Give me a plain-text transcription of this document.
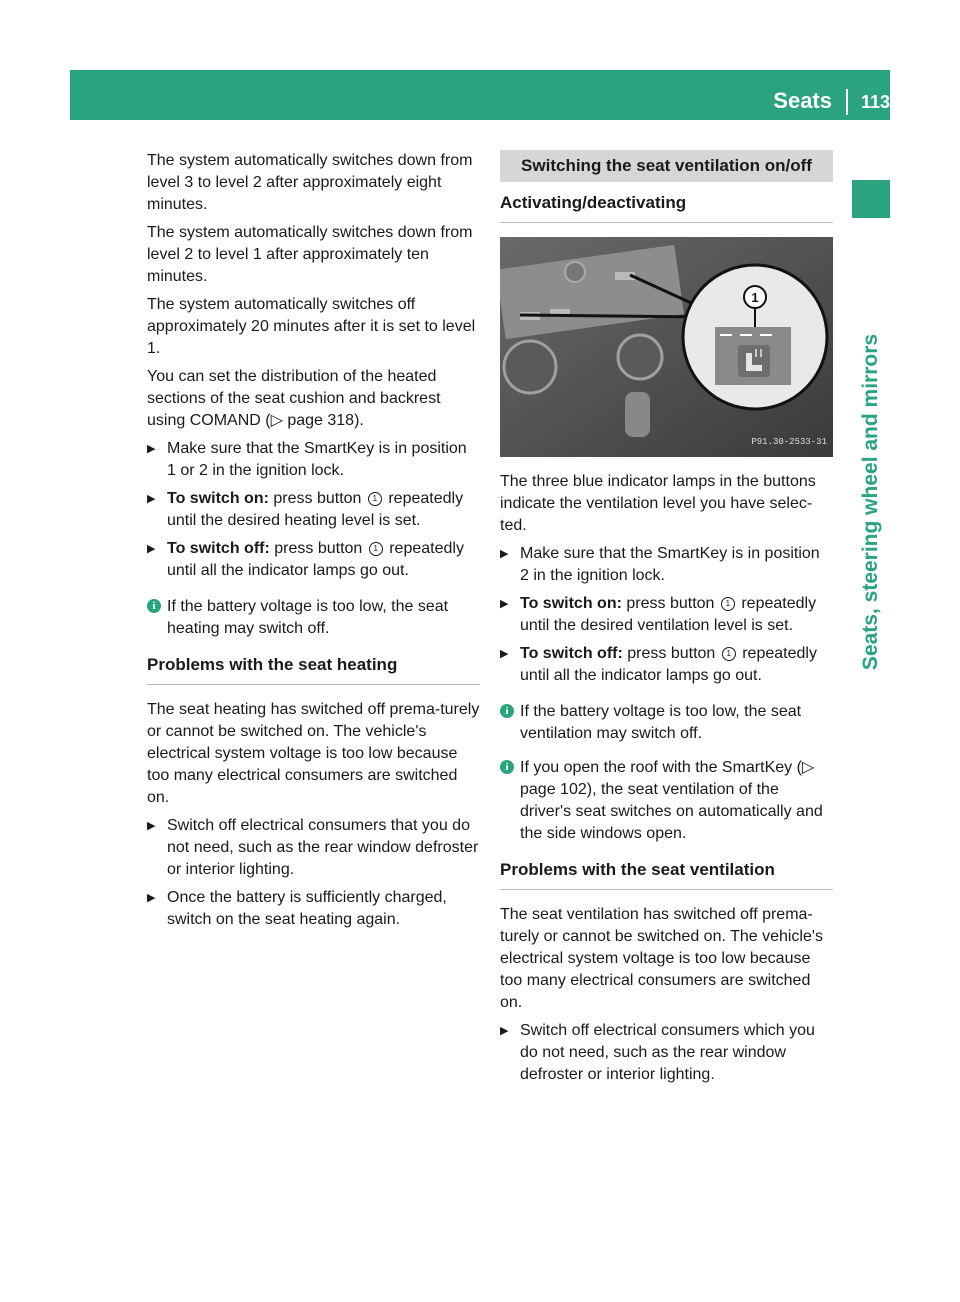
Seats 113
Seats, steering wheel and mirrors

The system automatically switches down from level 3 to level 2 after approximately eight minutes.

The system automatically switches down from level 2 to level 1 after approximately ten minutes.

The system automatically switches off approximately 20 minutes after it is set to level 1.

You can set the distribution of the heated sections of the seat cushion and backrest using COMAND (▷ page 318).

▶ Make sure that the SmartKey is in position 1 or 2 in the ignition lock.
▶ To switch on: press button 1 repeatedly until the desired heating level is set.
▶ To switch off: press button 1 repeatedly until all the indicator lamps go out.
i If the battery voltage is too low, the seat heating may switch off.
Problems with the seat heating

The seat heating has switched off prema-turely or cannot be switched on. The vehicle's electrical system voltage is too low because too many electrical consumers are switched on.

▶ Switch off electrical consumers that you do not need, such as the rear window defroster or interior lighting.
▶ Once the battery is sufficiently charged, switch on the seat heating again.
Switching the seat ventilation on/off
Activating/deactivating
1
P91.30-2533-31

The three blue indicator lamps in the buttons indicate the ventilation level you have selec-ted.

▶ Make sure that the SmartKey is in position 2 in the ignition lock.
▶ To switch on: press button 1 repeatedly until the desired ventilation level is set.
▶ To switch off: press button 1 repeatedly until all the indicator lamps go out.
i If the battery voltage is too low, the seat ventilation may switch off.
i If you open the roof with the SmartKey (▷ page 102), the seat ventilation of the driver's seat switches on automatically and the side windows open.
Problems with the seat ventilation

The seat ventilation has switched off prema-turely or cannot be switched on. The vehicle's electrical system voltage is too low because too many electrical consumers are switched on.

▶ Switch off electrical consumers which you do not need, such as the rear window defroster or interior lighting.
